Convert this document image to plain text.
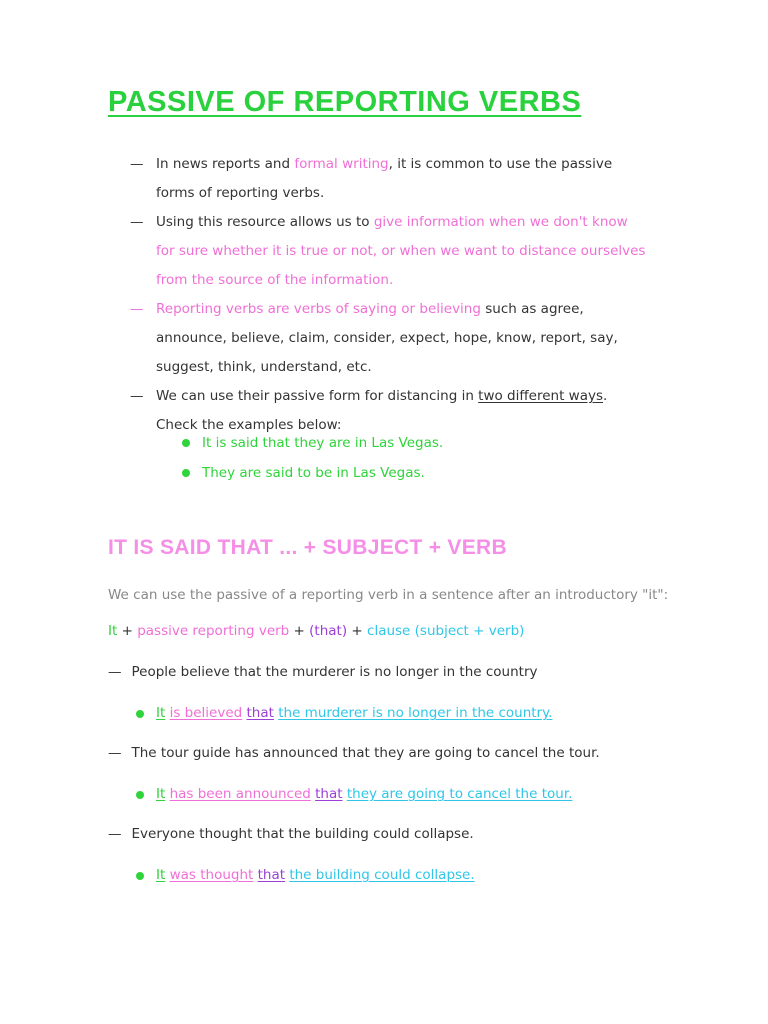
PASSIVE OF REPORTING VERBS
— In news reports and formal writing, it is common to use the passive forms of reporting verbs.
— Using this resource allows us to give information when we don't know for sure whether it is true or not, or when we want to distance ourselves from the source of the information.
— Reporting verbs are verbs of saying or believing such as agree, announce, believe, claim, consider, expect, hope, know, report, say, suggest, think, understand, etc.
— We can use their passive form for distancing in two different ways. Check the examples below:
It is said that they are in Las Vegas.
They are said to be in Las Vegas.
IT IS SAID THAT ... + SUBJECT + VERB
We can use the passive of a reporting verb in a sentence after an introductory "it":
It + passive reporting verb + (that) + clause (subject + verb)
— People believe that the murderer is no longer in the country
It is believed that the murderer is no longer in the country.
— The tour guide has announced that they are going to cancel the tour.
It has been announced that they are going to cancel the tour.
— Everyone thought that the building could collapse.
It was thought that the building could collapse.
